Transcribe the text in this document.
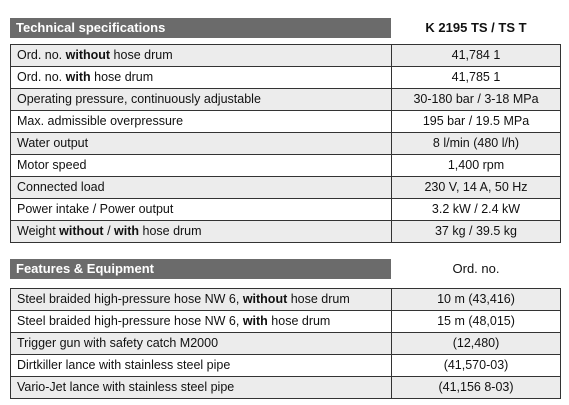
Technical specifications	K 2195 TS / TS T
Ord. no. without hose drum	41,784 1
Ord. no. with hose drum	41,785 1
Operating pressure, continuously adjustable	30-180 bar / 3-18 MPa
Max. admissible overpressure	195 bar / 19.5 MPa
Water output	8 l/min (480 l/h)
Motor speed	1,400 rpm
Connected load	230 V, 14 A, 50 Hz
Power intake / Power output	3.2 kW / 2.4 kW
Weight without / with hose drum	37 kg / 39.5 kg
Features & Equipment	Ord. no.
Steel braided high-pressure hose NW 6, without hose drum	10 m (43,416)
Steel braided high-pressure hose NW 6, with hose drum	15 m (48,015)
Trigger gun with safety catch M2000	(12,480)
Dirtkiller lance with stainless steel pipe	(41,570-03)
Vario-Jet lance with stainless steel pipe	(41,156 8-03)
